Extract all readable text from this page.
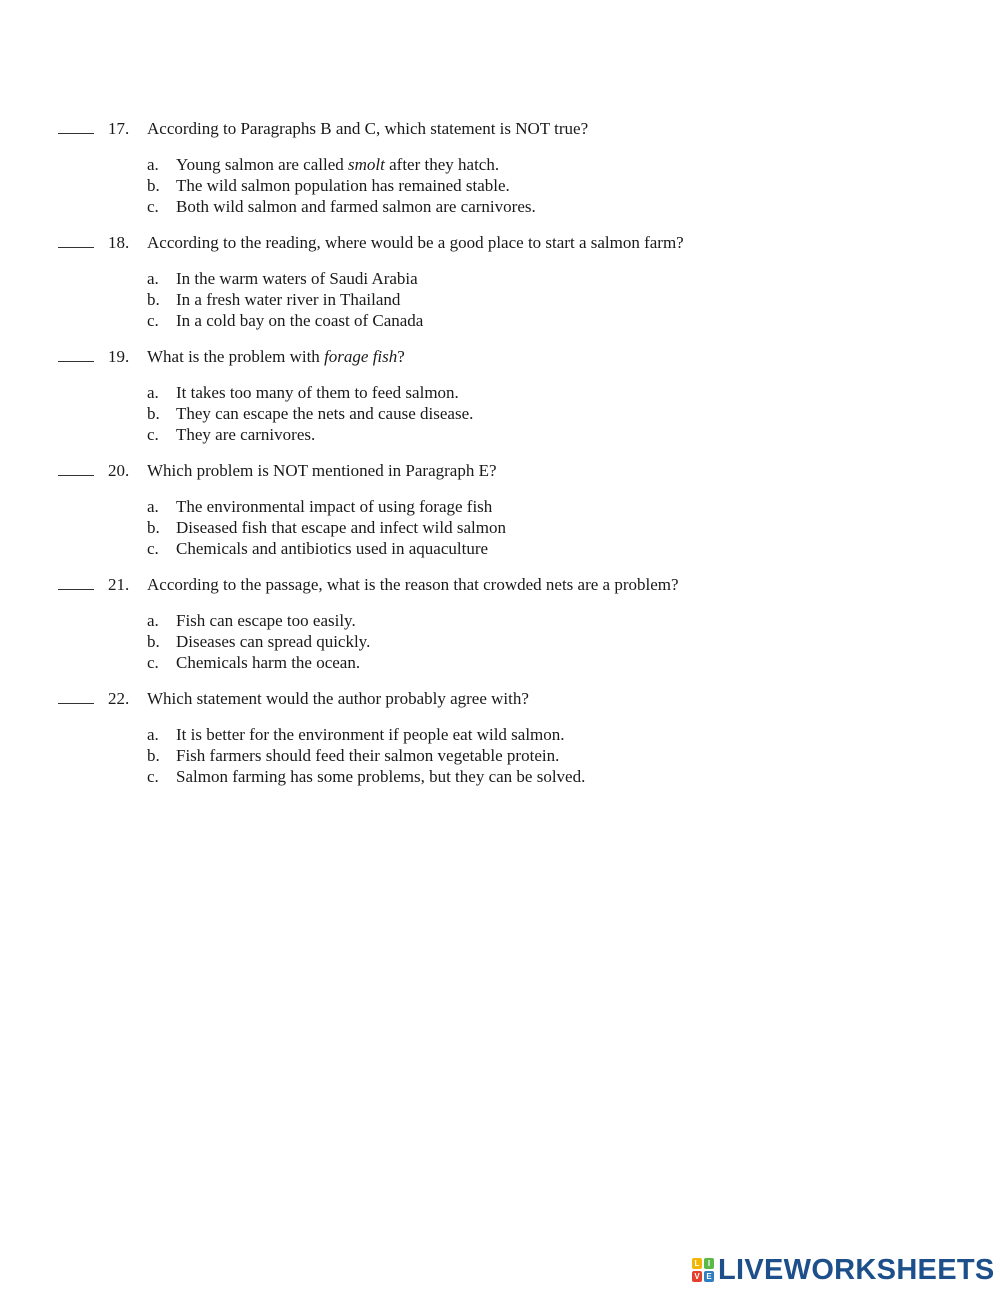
17. According to Paragraphs B and C, which statement is NOT true?
a. Young salmon are called smolt after they hatch.
b. The wild salmon population has remained stable.
c. Both wild salmon and farmed salmon are carnivores.
18. According to the reading, where would be a good place to start a salmon farm?
a. In the warm waters of Saudi Arabia
b. In a fresh water river in Thailand
c. In a cold bay on the coast of Canada
19. What is the problem with forage fish?
a. It takes too many of them to feed salmon.
b. They can escape the nets and cause disease.
c. They are carnivores.
20. Which problem is NOT mentioned in Paragraph E?
a. The environmental impact of using forage fish
b. Diseased fish that escape and infect wild salmon
c. Chemicals and antibiotics used in aquaculture
21. According to the passage, what is the reason that crowded nets are a problem?
a. Fish can escape too easily.
b. Diseases can spread quickly.
c. Chemicals harm the ocean.
22. Which statement would the author probably agree with?
a. It is better for the environment if people eat wild salmon.
b. Fish farmers should feed their salmon vegetable protein.
c. Salmon farming has some problems, but they can be solved.
L	I
V E LIVEWORKSHEETS
